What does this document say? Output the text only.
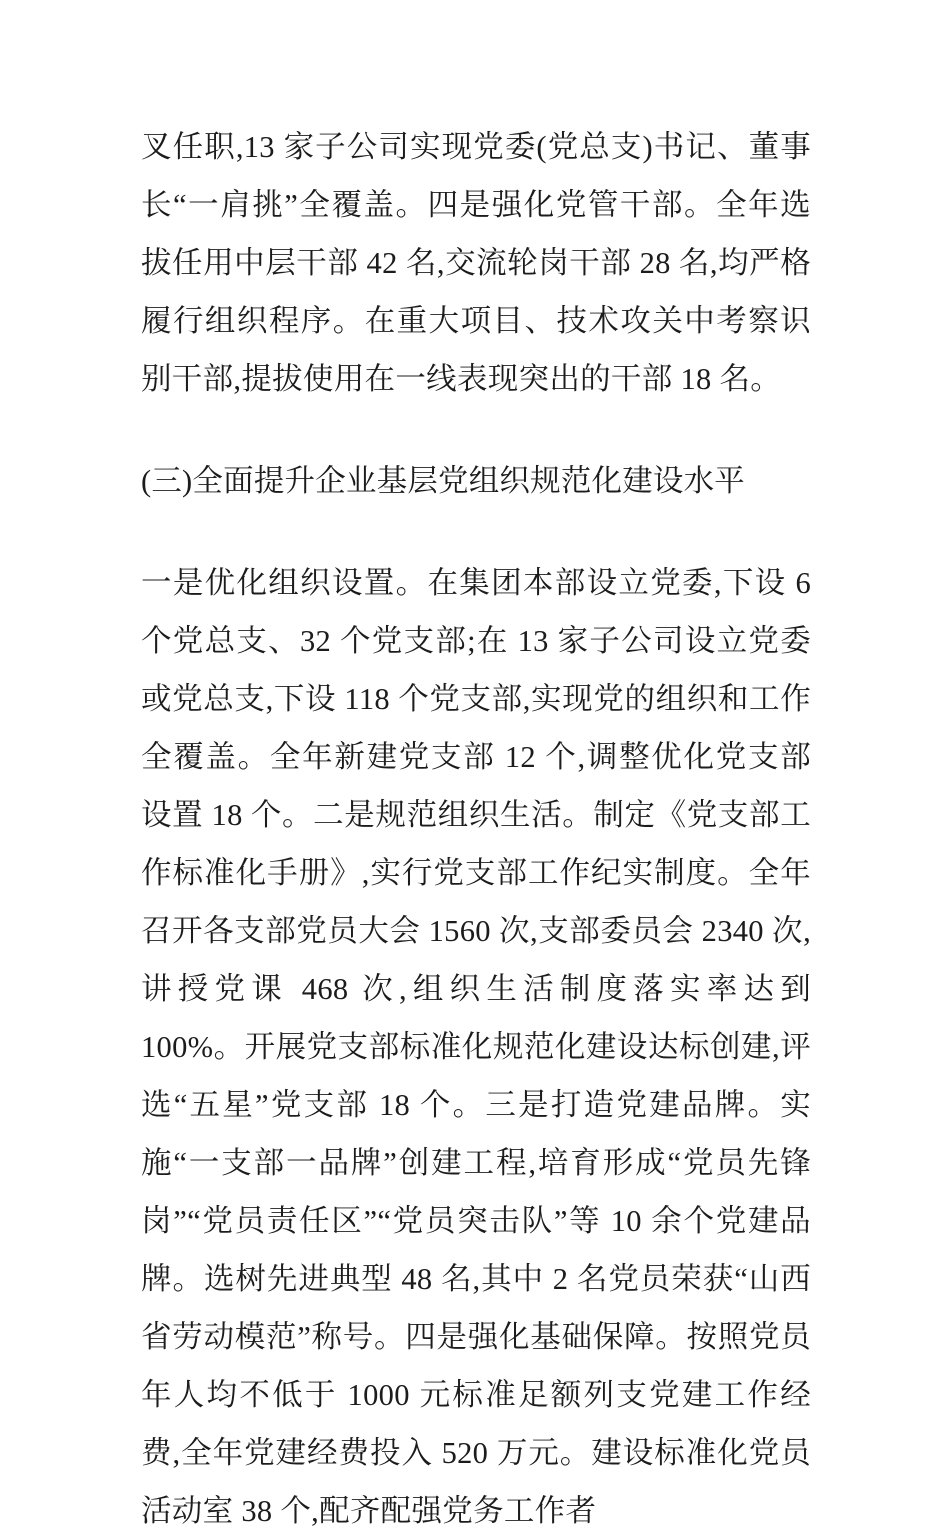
叉任职,13 家子公司实现党委(党总支)书记、董事长“一肩挑”全覆盖。四是强化党管干部。全年选拔任用中层干部 42 名,交流轮岗干部 28 名,均严格履行组织程序。在重大项目、技术攻关中考察识别干部,提拔使用在一线表现突出的干部 18 名。

(三)全面提升企业基层党组织规范化建设水平

一是优化组织设置。在集团本部设立党委,下设 6 个党总支、32 个党支部;在 13 家子公司设立党委或党总支,下设 118 个党支部,实现党的组织和工作全覆盖。全年新建党支部 12 个,调整优化党支部设置 18 个。二是规范组织生活。制定《党支部工作标准化手册》,实行党支部工作纪实制度。全年召开各支部党员大会 1560 次,支部委员会 2340 次,讲授党课 468 次,组织生活制度落实率达到 100%。开展党支部标准化规范化建设达标创建,评选“五星”党支部 18 个。三是打造党建品牌。实施“一支部一品牌”创建工程,培育形成“党员先锋岗”“党员责任区”“党员突击队”等 10 余个党建品牌。选树先进典型 48 名,其中 2 名党员荣获“山西省劳动模范”称号。四是强化基础保障。按照党员年人均不低于 1000 元标准足额列支党建工作经费,全年党建经费投入 520 万元。建设标准化党员活动室 38 个,配齐配强党务工作者
